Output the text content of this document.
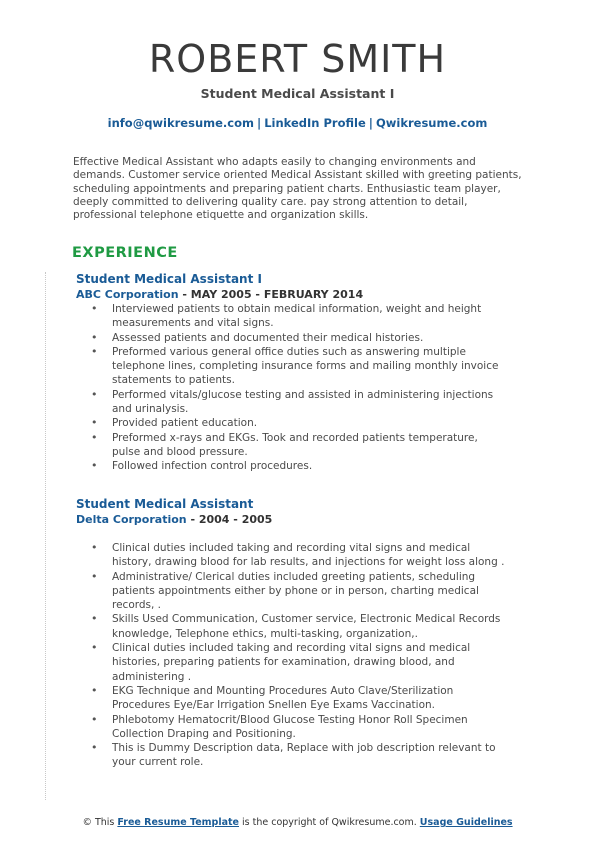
ROBERT SMITH
Student Medical Assistant I
info@qwikresume.com | LinkedIn Profile | Qwikresume.com
Effective Medical Assistant who adapts easily to changing environments and demands. Customer service oriented Medical Assistant skilled with greeting patients, scheduling appointments and preparing patient charts. Enthusiastic team player, deeply committed to delivering quality care. pay strong attention to detail, professional telephone etiquette and organization skills.
EXPERIENCE
Student Medical Assistant I
ABC Corporation - MAY 2005 - FEBRUARY 2014
• Interviewed patients to obtain medical information, weight and height measurements and vital signs.
• Assessed patients and documented their medical histories.
• Preformed various general office duties such as answering multiple telephone lines, completing insurance forms and mailing monthly invoice statements to patients.
• Performed vitals/glucose testing and assisted in administering injections and urinalysis.
• Provided patient education.
• Preformed x-rays and EKGs. Took and recorded patients temperature, pulse and blood pressure.
• Followed infection control procedures.
Student Medical Assistant
Delta Corporation - 2004 - 2005
• Clinical duties included taking and recording vital signs and medical history, drawing blood for lab results, and injections for weight loss along .
• Administrative/ Clerical duties included greeting patients, scheduling patients appointments either by phone or in person, charting medical records, .
• Skills Used Communication, Customer service, Electronic Medical Records knowledge, Telephone ethics, multi-tasking, organization,.
• Clinical duties included taking and recording vital signs and medical histories, preparing patients for examination, drawing blood, and administering .
• EKG Technique and Mounting Procedures Auto Clave/Sterilization Procedures Eye/Ear Irrigation Snellen Eye Exams Vaccination.
• Phlebotomy Hematocrit/Blood Glucose Testing Honor Roll Specimen Collection Draping and Positioning.
• This is Dummy Description data, Replace with job description relevant to your current role.
© This Free Resume Template is the copyright of Qwikresume.com. Usage Guidelines
